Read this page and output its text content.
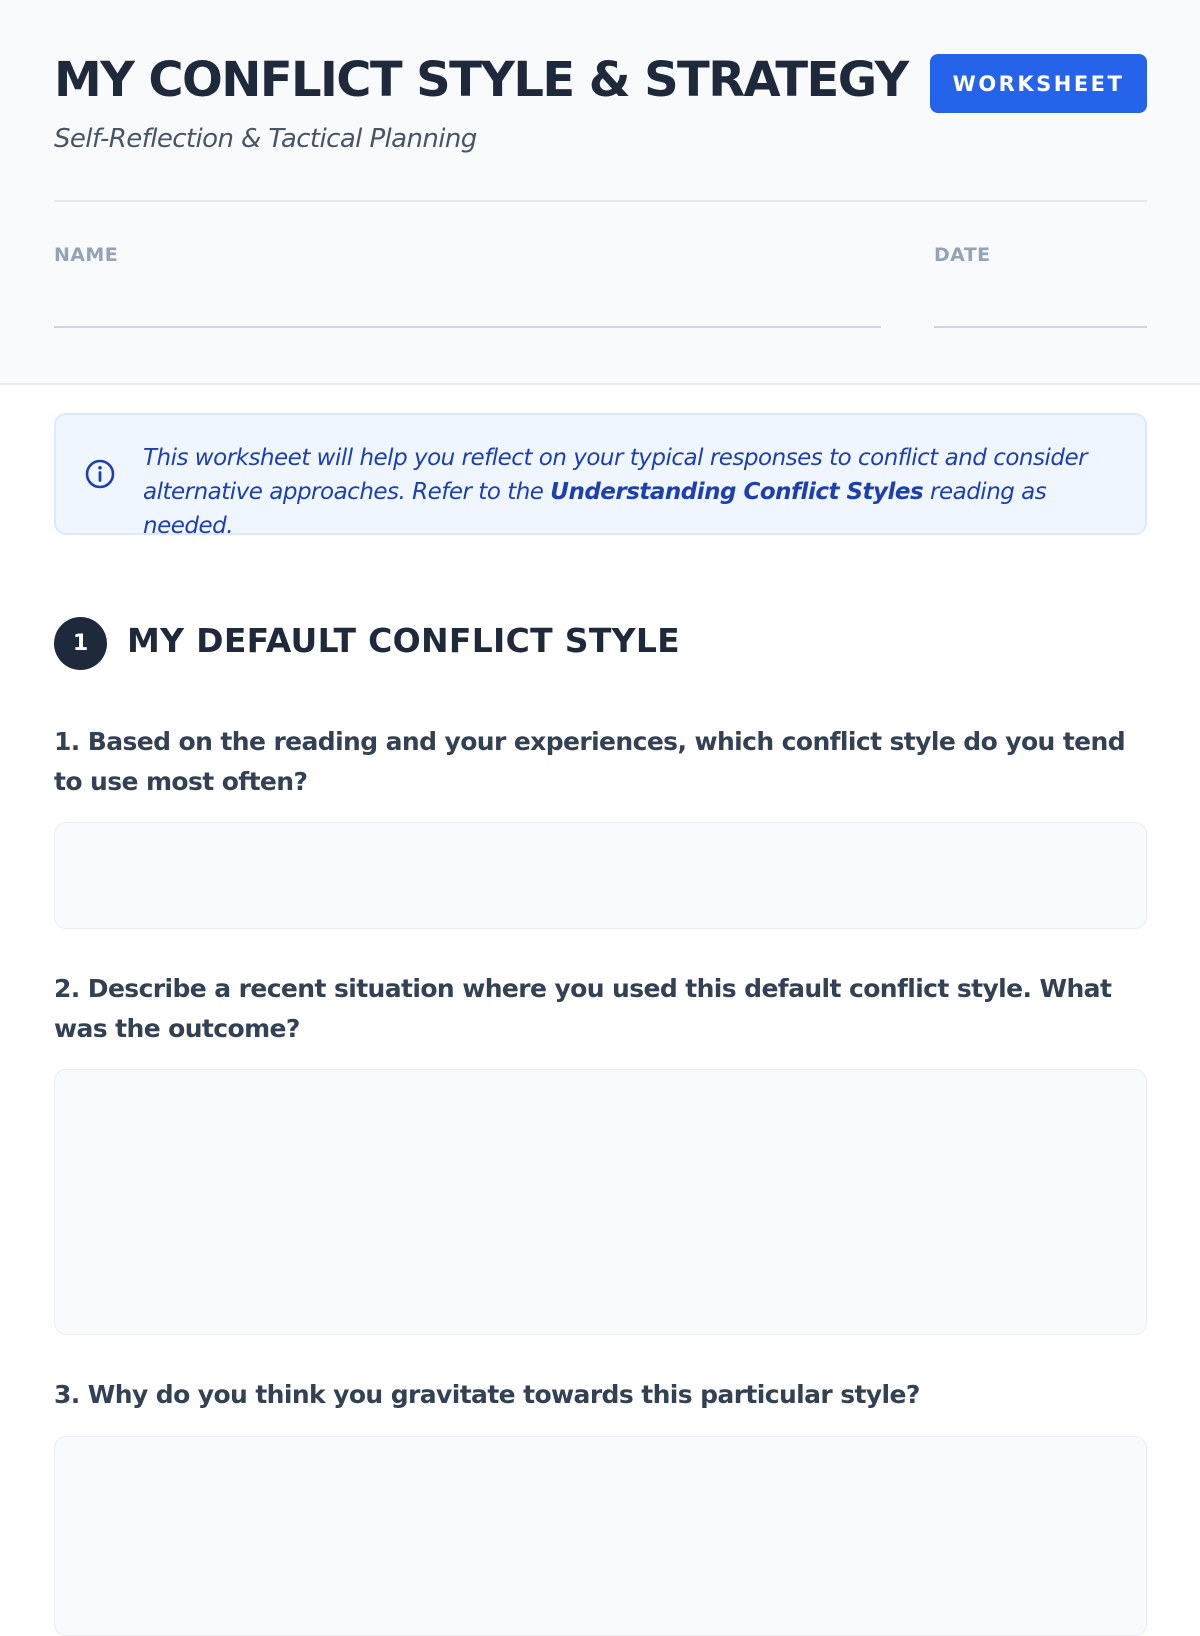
MY CONFLICT STYLE & STRATEGY
Self-Reflection & Tactical Planning
WORKSHEET
NAME	DATE
This worksheet will help you reflect on your typical responses to conflict and consider alternative approaches. Refer to the Understanding Conflict Styles reading as needed.
1	MY DEFAULT CONFLICT STYLE
1. Based on the reading and your experiences, which conflict style do you tend to use most often?
2. Describe a recent situation where you used this default conflict style. What was the outcome?
3. Why do you think you gravitate towards this particular style?
